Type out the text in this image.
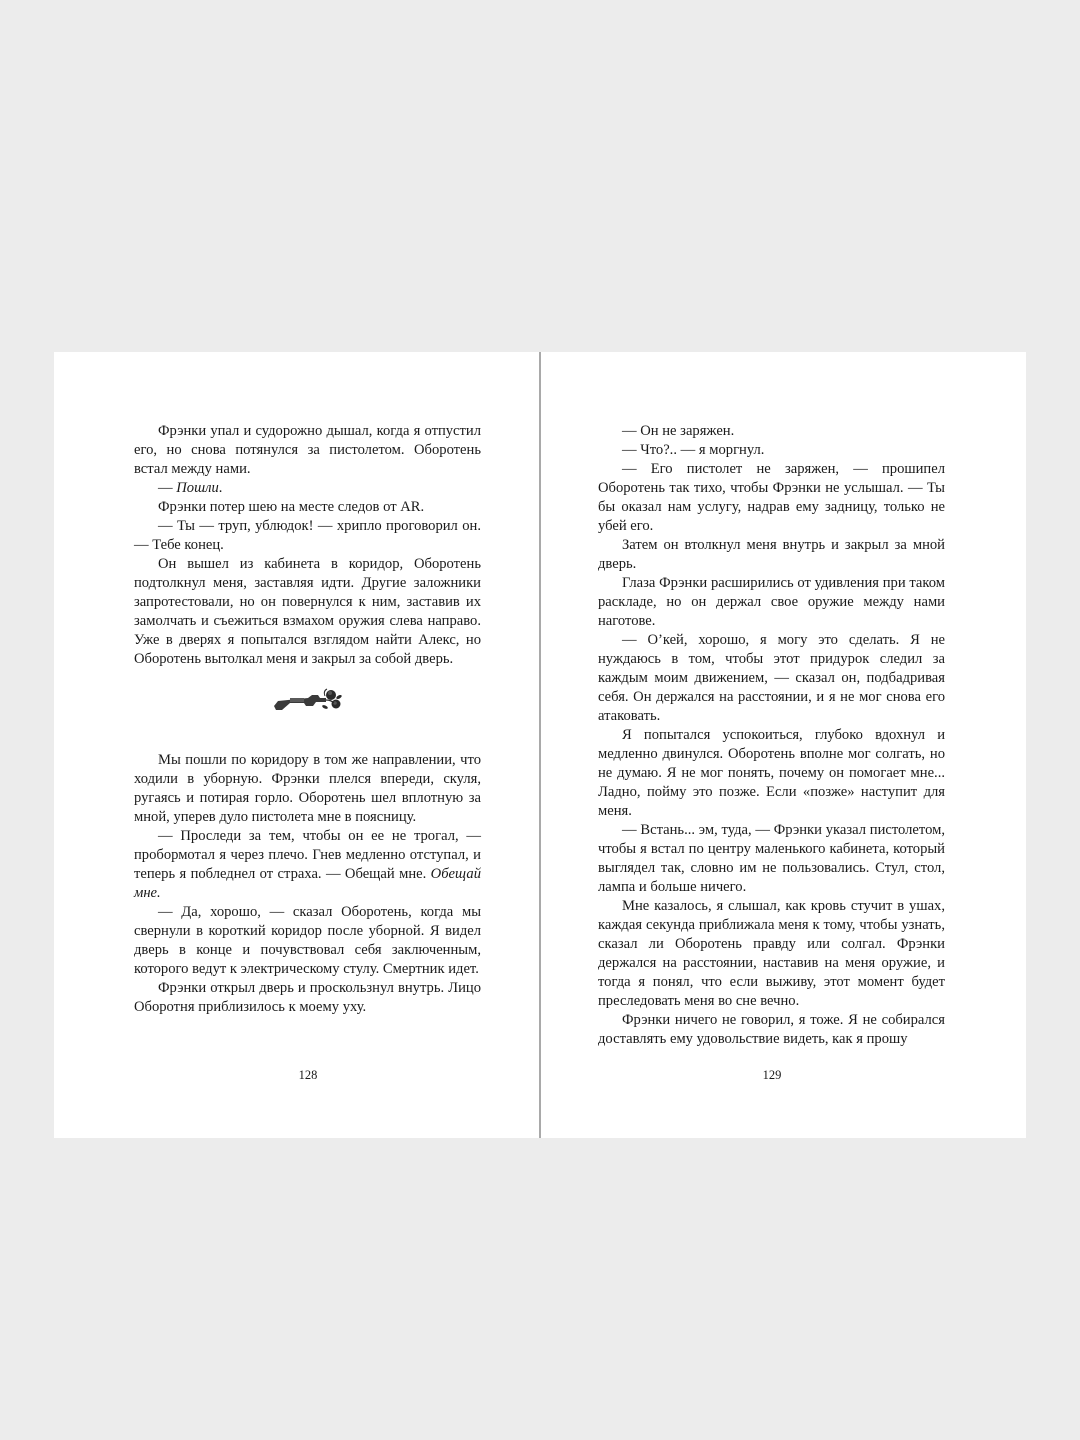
Фрэнки упал и судорожно дышал, когда я отпустил его, но снова потянулся за пистолетом. Оборотень встал между нами.

— Пошли.

Фрэнки потер шею на месте следов от AR.

— Ты — труп, ублюдок! — хрипло проговорил он. — Тебе конец.

Он вышел из кабинета в коридор, Оборотень подтолкнул меня, заставляя идти. Другие заложники запротестовали, но он повернулся к ним, заставив их замолчать и съежиться взмахом оружия слева направо. Уже в дверях я попытался взглядом найти Алекс, но Оборотень вытолкал меня и закрыл за собой дверь.

Мы пошли по коридору в том же направлении, что ходили в уборную. Фрэнки плелся впереди, скуля, ругаясь и потирая горло. Оборотень шел вплотную за мной, уперев дуло пистолета мне в поясницу.

— Проследи за тем, чтобы он ее не трогал, — пробормотал я через плечо. Гнев медленно отступал, и теперь я побледнел от страха. — Обещай мне. Обещай мне.

— Да, хорошо, — сказал Оборотень, когда мы свернули в короткий коридор после уборной. Я видел дверь в конце и почувствовал себя заключенным, которого ведут к электрическому стулу. Смертник идет.

Фрэнки открыл дверь и проскользнул внутрь. Лицо Оборотня приблизилось к моему уху.

128

— Он не заряжен.

— Что?.. — я моргнул.

— Его пистолет не заряжен, — прошипел Оборотень так тихо, чтобы Фрэнки не услышал. — Ты бы оказал нам услугу, надрав ему задницу, только не убей его.

Затем он втолкнул меня внутрь и закрыл за мной дверь.

Глаза Фрэнки расширились от удивления при таком раскладе, но он держал свое оружие между нами наготове.

— О’кей, хорошо, я могу это сделать. Я не нуждаюсь в том, чтобы этот придурок следил за каждым моим движением, — сказал он, подбадривая себя. Он держался на расстоянии, и я не мог снова его атаковать.

Я попытался успокоиться, глубоко вдохнул и медленно двинулся. Оборотень вполне мог солгать, но не думаю. Я не мог понять, почему он помогает мне... Ладно, пойму это позже. Если «позже» наступит для меня.

— Встань... эм, туда, — Фрэнки указал пистолетом, чтобы я встал по центру маленького кабинета, который выглядел так, словно им не пользовались. Стул, стол, лампа и больше ничего.

Мне казалось, я слышал, как кровь стучит в ушах, каждая секунда приближала меня к тому, чтобы узнать, сказал ли Оборотень правду или солгал. Фрэнки держался на расстоянии, наставив на меня оружие, и тогда я понял, что если выживу, этот момент будет преследовать меня во сне вечно.

Фрэнки ничего не говорил, я тоже. Я не собирался доставлять ему удовольствие видеть, как я прошу

129
